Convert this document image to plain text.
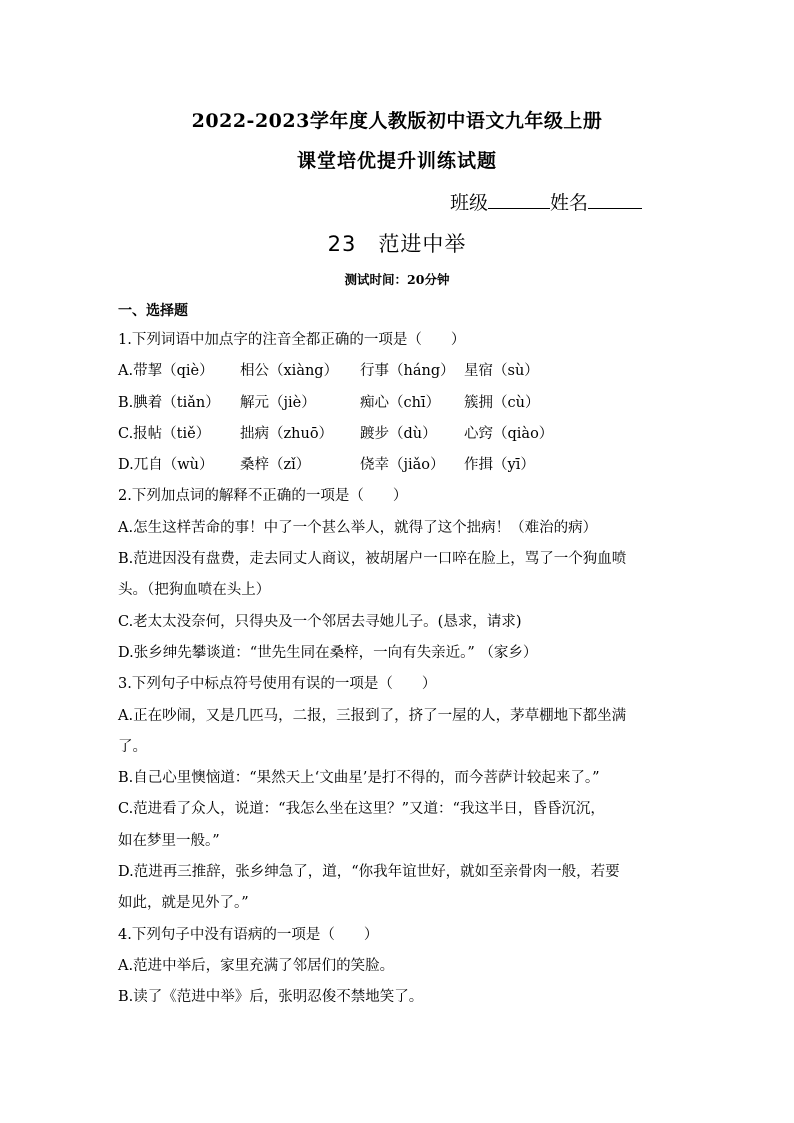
2022-2023学年度人教版初中语文九年级上册
课堂培优提升训练试题
班级	姓名
23 范进中举
测试时间：20分钟
一、选择题
1.下列词语中加点字的注音全都正确的一项是（　　）
A.带挈（qiè） 相公（xiàng） 行事（háng） 星宿（sù）
B.腆着（tiǎn） 解元（jiè）	痴心（chī） 簇拥（cù）
C.报帖（tiě） 拙病（zhuō） 踱步（dù） 心窍（qiào）
D.兀自（wù） 桑梓（zǐ）	侥幸（jiǎo） 作揖（yī）
2.下列加点词的解释不正确的一项是（　　）
A.怎生这样苦命的事！中了一个甚么举人，就得了这个拙病！（难治的病）
B.范进因没有盘费，走去同丈人商议，被胡屠户一口啐在脸上，骂了一个狗血喷
头。（把狗血喷在头上）
C.老太太没奈何，只得央及一个邻居去寻她儿子。(恳求，请求)
D.张乡绅先攀谈道：“世先生同在桑梓，一向有失亲近。” （家乡）
3.下列句子中标点符号使用有误的一项是（　　）
A.正在吵闹，又是几匹马，二报，三报到了，挤了一屋的人，茅草棚地下都坐满
了。
B.自己心里懊恼道：“果然天上‘文曲星’是打不得的，而今菩萨计较起来了。”
C.范进看了众人，说道：“我怎么坐在这里？”又道：“我这半日，昏昏沉沉，
如在梦里一般。”
D.范进再三推辞，张乡绅急了，道，“你我年谊世好，就如至亲骨肉一般，若要
如此，就是见外了。”
4.下列句子中没有语病的一项是（　　）
A.范进中举后，家里充满了邻居们的笑脸。
B.读了《范进中举》后，张明忍俊不禁地笑了。
